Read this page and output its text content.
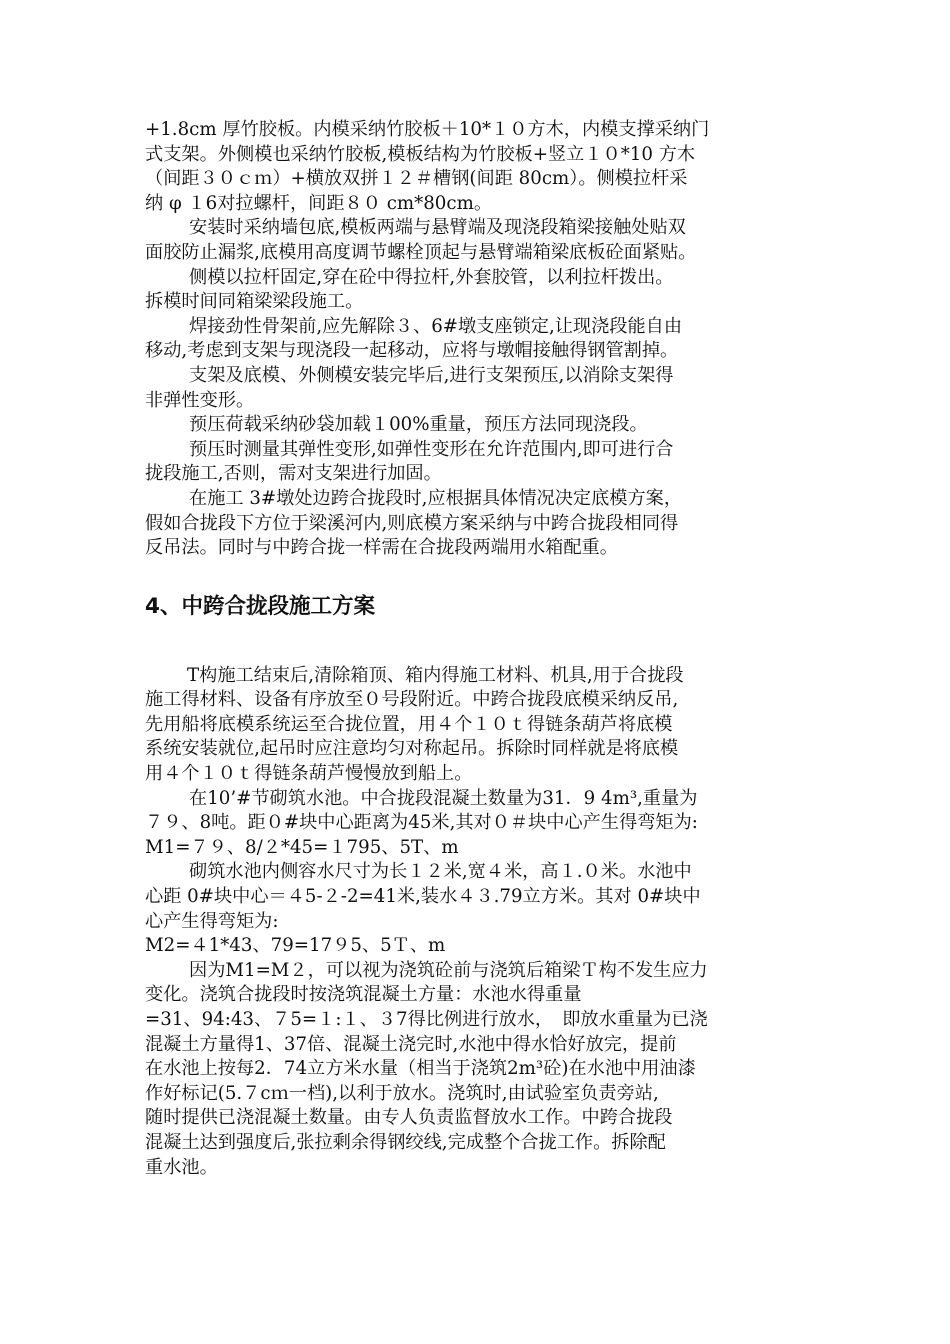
+1.8cm 厚竹胶板。内模采纳竹胶板＋10*１０方木，内模支撑采纳门
式支架。外侧模也采纳竹胶板,模板结构为竹胶板+竖立１０*10 方木
（间距３０ｃｍ）+横放双拼１２＃槽钢(间距 80cm）。侧模拉杆采
纳 φ １6对拉螺杆，间距８０ cm*80cm。
安装时采纳墙包底,模板两端与悬臂端及现浇段箱梁接触处贴双
面胶防止漏浆,底模用高度调节螺栓顶起与悬臂端箱梁底板砼面紧贴。
侧模以拉杆固定,穿在砼中得拉杆,外套胶管，以利拉杆拨出。
拆模时间同箱梁梁段施工。
焊接劲性骨架前,应先解除３、6#墩支座锁定,让现浇段能自由
移动,考虑到支架与现浇段一起移动，应将与墩帽接触得钢管割掉。
支架及底模、外侧模安装完毕后,进行支架预压,以消除支架得
非弹性变形。
预压荷载采纳砂袋加载１00%重量，预压方法同现浇段。
预压时测量其弹性变形,如弹性变形在允许范围内,即可进行合
拢段施工,否则，需对支架进行加固。
在施工 3#墩处边跨合拢段时,应根据具体情况决定底模方案，
假如合拢段下方位于梁溪河内,则底模方案采纳与中跨合拢段相同得
反吊法。同时与中跨合拢一样需在合拢段两端用水箱配重。
4、中跨合拢段施工方案
T构施工结束后,清除箱顶、箱内得施工材料、机具,用于合拢段
施工得材料、设备有序放至０号段附近。中跨合拢段底模采纳反吊,
先用船将底模系统运至合拢位置，用４个１０ｔ得链条葫芦将底模
系统安装就位,起吊时应注意均匀对称起吊。拆除时同样就是将底模
用４个１０ｔ得链条葫芦慢慢放到船上。
在10’#节砌筑水池。中合拢段混凝土数量为31．9 4m³,重量为
７９、8吨。距０#块中心距离为45米,其对０＃块中心产生得弯矩为:
M1=７９、8/２*45=１795、5T、m
砌筑水池内侧容水尺寸为长１２米,宽４米，高１.０米。水池中
心距 0#块中心＝４5-２-2=41米,装水４３.79立方米。其对 0#块中
心产生得弯矩为:
M2=４1*43、79=17９5、5Ｔ、m
因为M1=M２，可以视为浇筑砼前与浇筑后箱梁Ｔ构不发生应力
变化。浇筑合拢段时按浇筑混凝土方量：水池水得重量
=31、94:43、７5=１:１、３7得比例进行放水，　即放水重量为已浇
混凝土方量得1、37倍、混凝土浇完时,水池中得水恰好放完，提前
在水池上按每2．74立方米水量（相当于浇筑2m³砼)在水池中用油漆
作好标记(5.７cｍ一档),以利于放水。浇筑时,由试验室负责旁站,
随时提供已浇混凝土数量。由专人负责监督放水工作。中跨合拢段
混凝土达到强度后,张拉剩余得钢绞线,完成整个合拢工作。拆除配
重水池。
